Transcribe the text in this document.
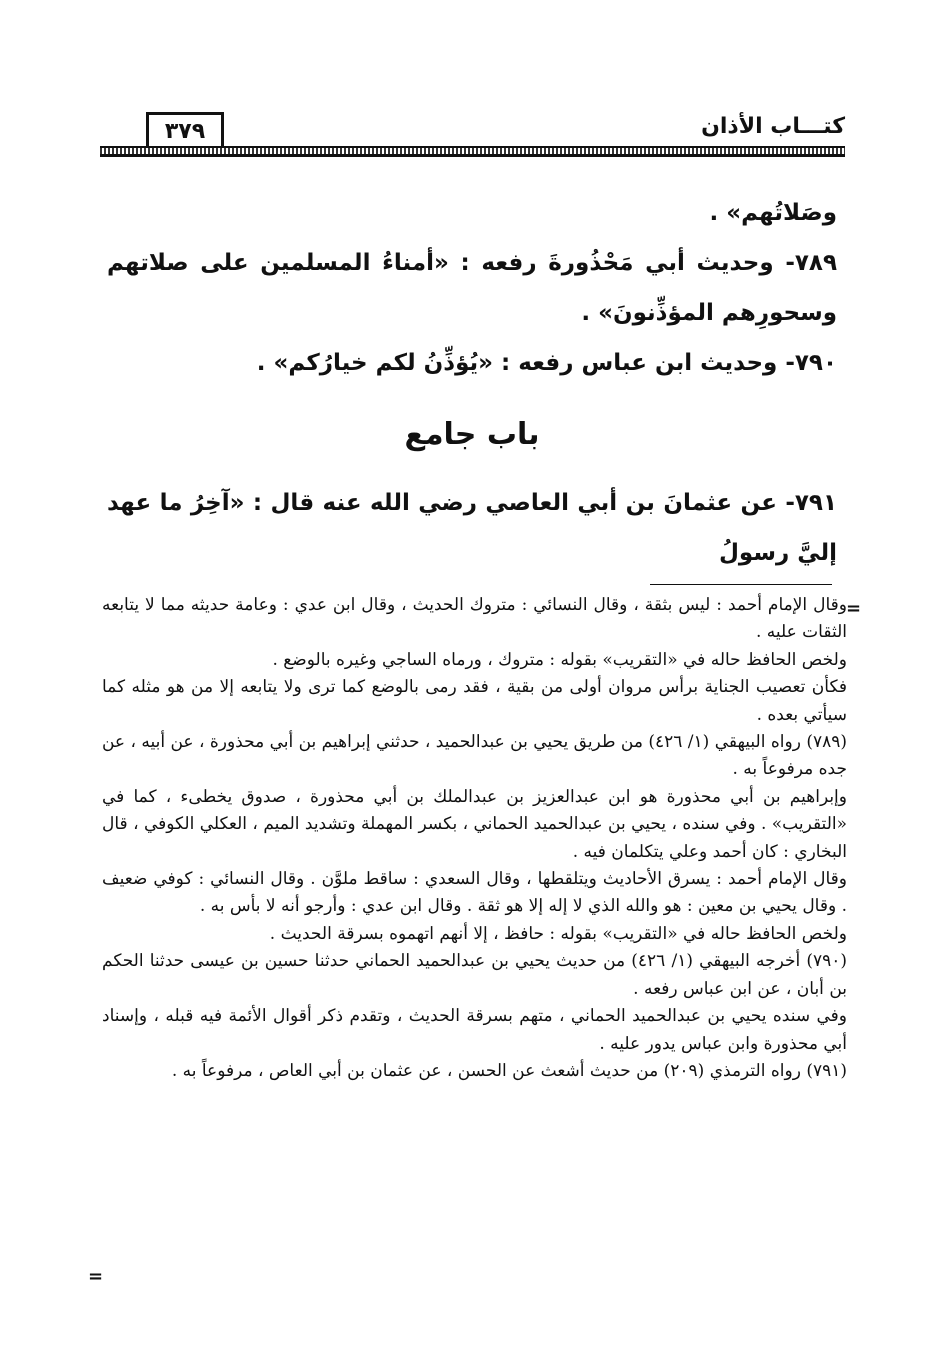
كتـــاب الأذان
٣٧٩

وصَلاتُهم» .

٧٨٩- وحديث أبي مَحْذُورةَ رفعه : «أمناءُ المسلمين على صلاتهم وسحورِهم المؤذِّنونَ» .

٧٩٠- وحديث ابن عباس رفعه : «يُؤذِّنُ لكم خيارُكم» .

باب جامع

٧٩١- عن عثمانَ بن أبي العاصي رضي الله عنه قال : «آخِرُ ما عهد إليَّ رسولُ

=
=

وقال الإمام أحمد : ليس بثقة ، وقال النسائي : متروك الحديث ، وقال ابن عدي : وعامة حديثه مما لا يتابعه الثقات عليه .

ولخص الحافظ حاله في «التقريب» بقوله : متروك ، ورماه الساجي وغيره بالوضع .

فكأن تعصيب الجناية برأس مروان أولى من بقية ، فقد رمى بالوضع كما ترى ولا يتابعه إلا من هو مثله كما سيأتي بعده .

(٧٨٩) رواه البيهقي (١/ ٤٢٦) من طريق يحيي بن عبدالحميد ، حدثني إبراهيم بن أبي محذورة ، عن أبيه ، عن جده مرفوعاً به .

وإبراهيم بن أبي محذورة هو ابن عبدالعزيز بن عبدالملك بن أبي محذورة ، صدوق يخطىء ، كما في «التقريب» . وفي سنده ، يحيي بن عبدالحميد الحماني ، بكسر المهملة وتشديد الميم ، العكلي الكوفي ، قال البخاري : كان أحمد وعلي يتكلمان فيه .

وقال الإمام أحمد : يسرق الأحاديث ويتلقطها ، وقال السعدي : ساقط ملوَّن . وقال النسائي : كوفي ضعيف . وقال يحيي بن معين : هو والله الذي لا إله إلا هو ثقة . وقال ابن عدي : وأرجو أنه لا بأس به .

ولخص الحافظ حاله في «التقريب» بقوله : حافظ ، إلا أنهم اتهموه بسرقة الحديث .

(٧٩٠) أخرجه البيهقي (١/ ٤٢٦) من حديث يحيي بن عبدالحميد الحماني حدثنا حسين بن عيسى حدثنا الحكم بن أبان ، عن ابن عباس رفعه .

وفي سنده يحيي بن عبدالحميد الحماني ، متهم بسرقة الحديث ، وتقدم ذكر أقوال الأئمة فيه قبله ، وإسناد أبي محذورة وابن عباس يدور عليه .

(٧٩١) رواه الترمذي (٢٠٩) من حديث أشعث عن الحسن ، عن عثمان بن أبي العاص ، مرفوعاً به .
